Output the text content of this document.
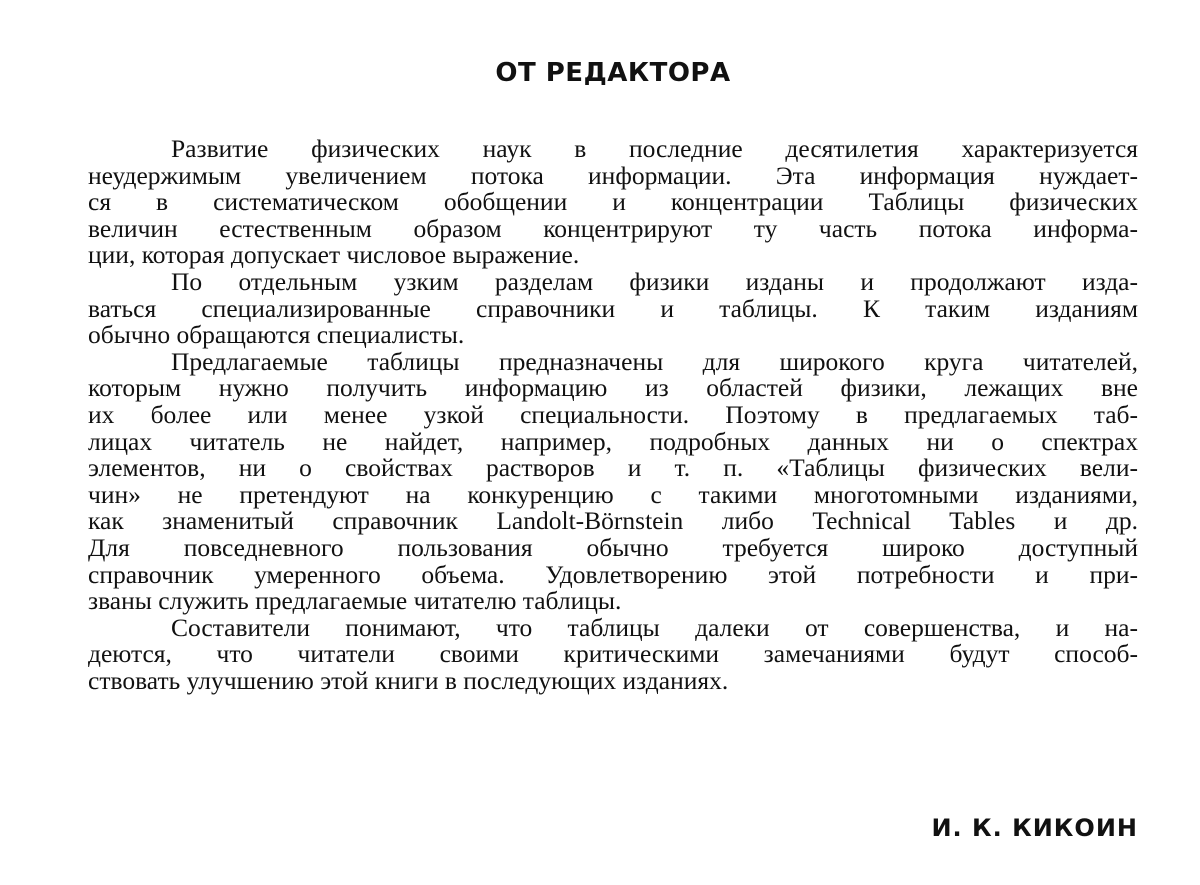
ОТ РЕДАКТОРА

Развитие физических наук в последние десятилетия характеризуется
неудержимым увеличением потока информации. Эта информация нуждает-
ся в систематическом обобщении и концентрации Таблицы физических
величин естественным образом концентрируют ту часть потока информа-
ции, которая допускает числовое выражение.

По отдельным узким разделам физики изданы и продолжают изда-
ваться специализированные справочники и таблицы. К таким изданиям
обычно обращаются специалисты.

Предлагаемые таблицы предназначены для широкого круга читателей,
которым нужно получить информацию из областей физики, лежащих вне
их более или менее узкой специальности. Поэтому в предлагаемых таб-
лицах читатель не найдет, например, подробных данных ни о спектрах
элементов, ни о свойствах растворов и т. п. «Таблицы физических вели-
чин» не претендуют на конкуренцию с такими многотомными изданиями,
как знаменитый справочник Landolt-Börnstein либо Technical Tables и др.
Для повседневного пользования обычно требуется широко доступный
справочник умеренного объема. Удовлетворению этой потребности и при-
званы служить предлагаемые читателю таблицы.

Составители понимают, что таблицы далеки от совершенства, и на-
деются, что читатели своими критическими замечаниями будут способ-
ствовать улучшению этой книги в последующих изданиях.

И. К. КИКОИН
